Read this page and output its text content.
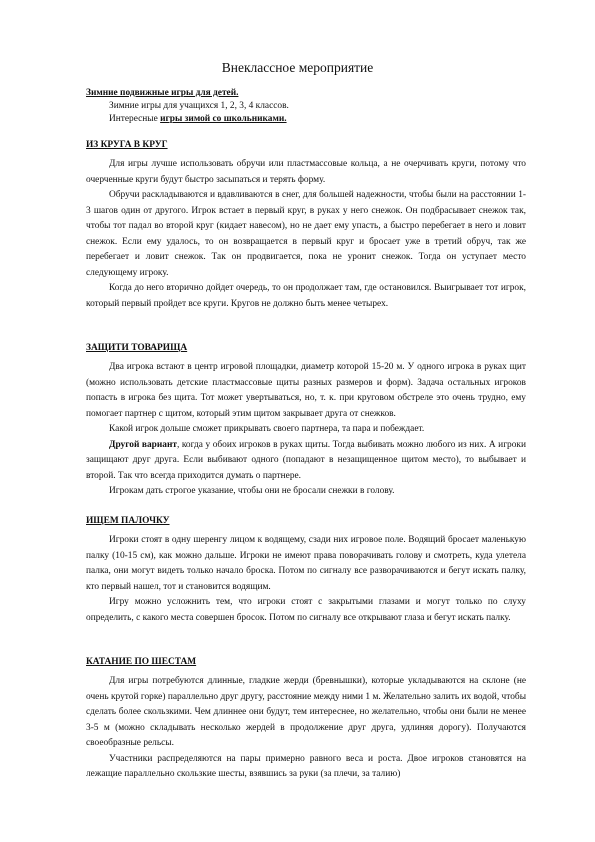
Внеклассное мероприятие
Зимние подвижные игры для детей.
Зимние игры для учащихся 1, 2, 3, 4 классов.
Интересные игры зимой со школьниками.
ИЗ КРУГА В КРУГ

Для игры лучше использовать обручи или пластмассовые кольца, а не очерчивать круги, потому что очерченные круги будут быстро засыпаться и терять форму.

Обручи раскладываются и вдавливаются в снег, для большей надежности, чтобы были на расстоянии 1-3 шагов один от другого. Игрок встает в первый круг, в руках у него снежок. Он подбрасывает снежок так, чтобы тот падал во второй круг (кидает навесом), но не дает ему упасть, а быстро перебегает в него и ловит снежок. Если ему удалось, то он возвращается в первый круг и бросает уже в третий обруч, так же перебегает и ловит снежок. Так он продвигается, пока не уронит снежок. Тогда он уступает место следующему игроку.

Когда до него вторично дойдет очередь, то он продолжает там, где остановился. Выигрывает тот игрок, который первый пройдет все круги. Кругов не должно быть менее четырех.

ЗАЩИТИ ТОВАРИЩА

Два игрока встают в центр игровой площадки, диаметр которой 15-20 м. У одного игрока в руках щит (можно использовать детские пластмассовые щиты разных размеров и форм). Задача остальных игроков попасть в игрока без щита. Тот может увертываться, но, т. к. при круговом обстреле это очень трудно, ему помогает партнер с щитом, который этим щитом закрывает друга от снежков.

Какой игрок дольше сможет прикрывать своего партнера, та пара и побеждает.

Другой вариант, когда у обоих игроков в руках щиты. Тогда выбивать можно любого из них. А игроки защищают друг друга. Если выбивают одного (попадают в незащищенное щитом место), то выбывает и второй. Так что всегда приходится думать о партнере.

Игрокам дать строгое указание, чтобы они не бросали снежки в голову.

ИЩЕМ ПАЛОЧКУ

Игроки стоят в одну шеренгу лицом к водящему, сзади них игровое поле. Водящий бросает маленькую палку (10-15 см), как можно дальше. Игроки не имеют права поворачивать голову и смотреть, куда улетела палка, они могут видеть только начало броска. Потом по сигналу все разворачиваются и бегут искать палку, кто первый нашел, тот и становится водящим.

Игру можно усложнить тем, что игроки стоят с закрытыми глазами и могут только по слуху определить, с какого места совершен бросок. Потом по сигналу все открывают глаза и бегут искать палку.

КАТАНИЕ ПО ШЕСТАМ

Для игры потребуются длинные, гладкие жерди (бревнышки), которые укладываются на склоне (не очень крутой горке) параллельно друг другу, расстояние между ними 1 м. Желательно залить их водой, чтобы сделать более скользкими. Чем длиннее они будут, тем интереснее, но желательно, чтобы они были не менее 3-5 м (можно складывать несколько жердей в продолжение друг друга, удлиняя дорогу). Получаются своеобразные рельсы.

Участники распределяются на пары примерно равного веса и роста. Двое игроков становятся на лежащие параллельно скользкие шесты, взявшись за руки (за плечи, за талию)
